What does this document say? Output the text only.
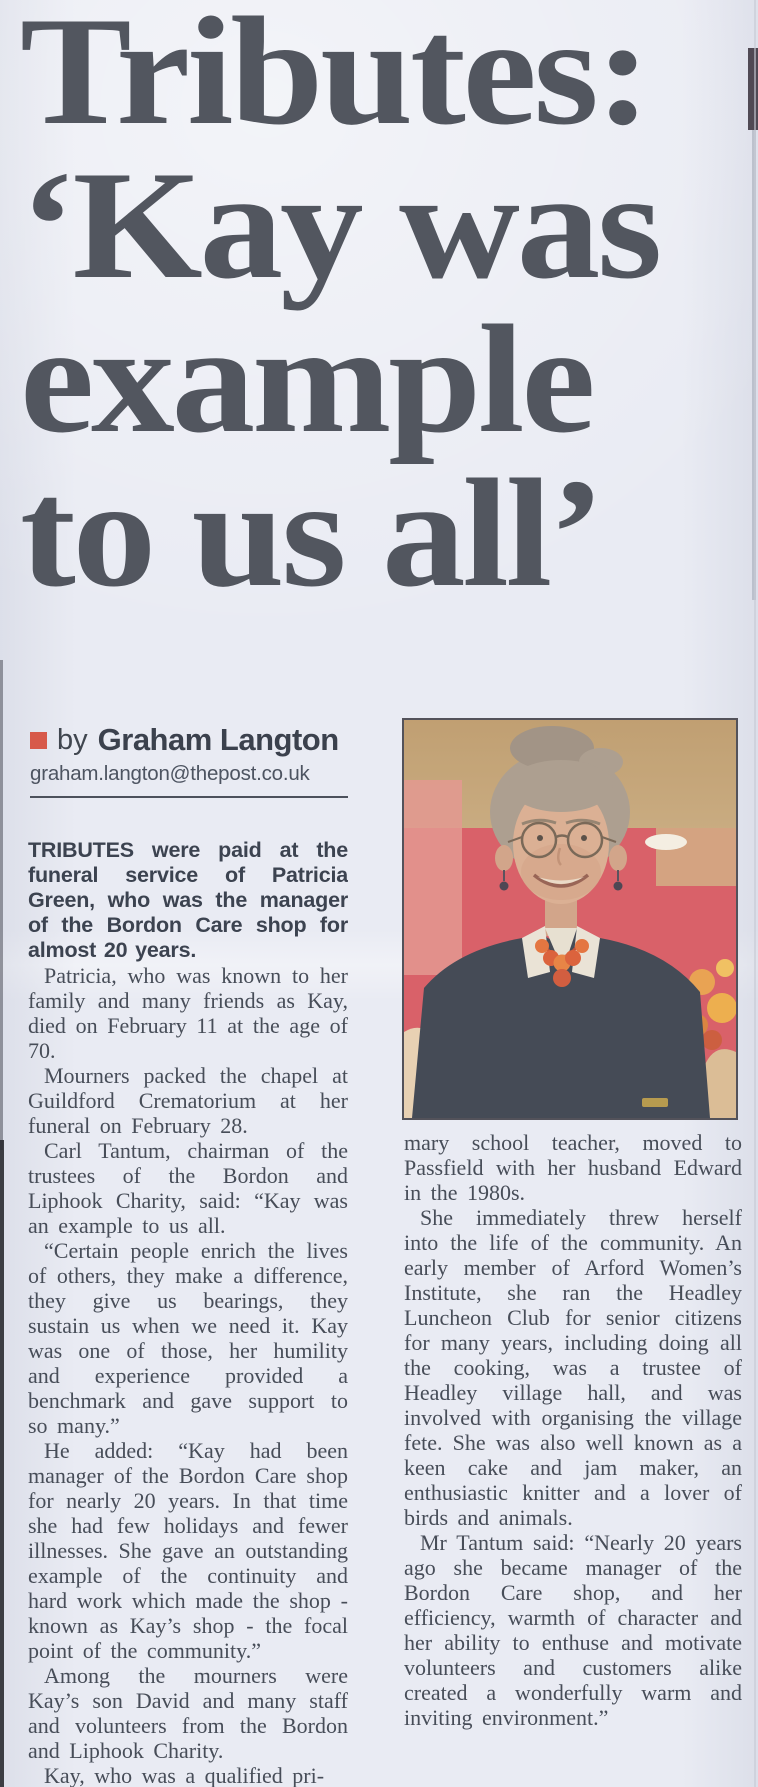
Tributes:
‘Kay was
example
to us all’
by Graham Langton
graham.langton@thepost.co.uk

TRIBUTES were paid at the funeral service of Patricia Green, who was the manager of the Bordon Care shop for almost 20 years.

Patricia, who was known to her family and many friends as Kay, died on February 11 at the age of 70.

Mourners packed the chapel at Guildford Crematorium at her funeral on February 28.

Carl Tantum, chairman of the trustees of the Bordon and Liphook Charity, said: “Kay was an example to us all.

“Certain people enrich the lives of others, they make a difference, they give us bearings, they sustain us when we need it. Kay was one of those, her humility and experience provided a benchmark and gave support to so many.”

He added: “Kay had been manager of the Bordon Care shop for nearly 20 years. In that time she had few holidays and fewer illnesses. She gave an outstanding example of the continuity and hard work which made the shop - known as Kay’s shop - the focal point of the community.”

Among the mourners were Kay’s son David and many staff and volunteers from the Bordon and Liphook Charity.

Kay, who was a qualified pri-

mary school teacher, moved to Passfield with her husband Edward in the 1980s.

She immediately threw herself into the life of the community. An early member of Arford Women’s Institute, she ran the Headley Luncheon Club for senior citizens for many years, including doing all the cooking, was a trustee of Headley village hall, and was involved with organising the village fete. She was also well known as a keen cake and jam maker, an enthusiastic knitter and a lover of birds and animals.

Mr Tantum said: “Nearly 20 years ago she became manager of the Bordon Care shop, and her efficiency, warmth of character and her ability to enthuse and motivate volunteers and customers alike created a wonderfully warm and inviting environment.”
